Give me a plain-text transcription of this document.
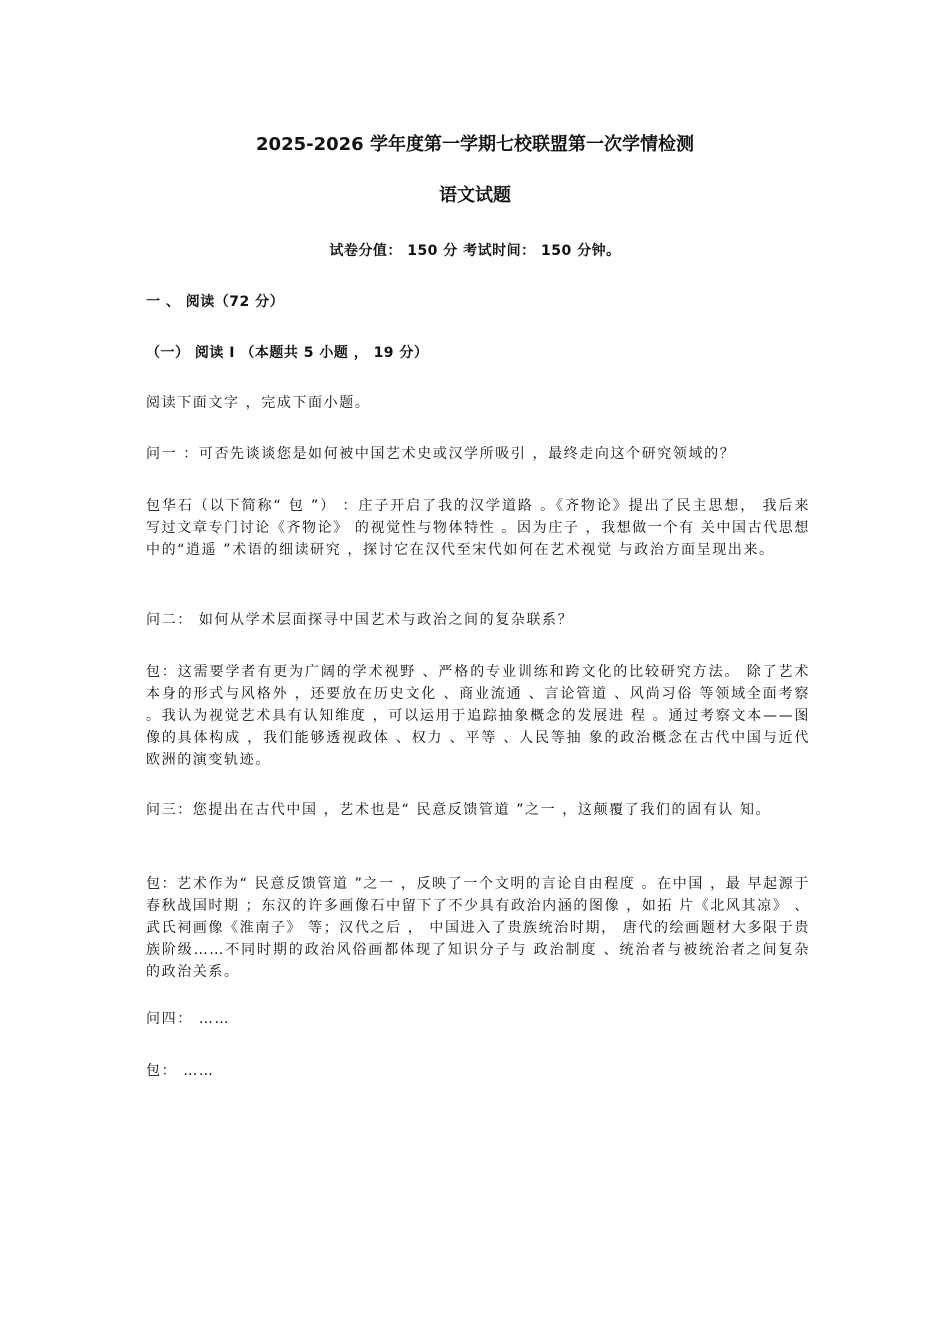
2025-2026 学年度第一学期七校联盟第一次学情检测
语文试题
试卷分值： 150 分 考试时间： 150 分钟。
一 、 阅读（72 分）
（一） 阅读 Ⅰ （本题共 5 小题 ， 19 分）
阅读下面文字 ，完成下面小题。
问一 ：可否先谈谈您是如何被中国艺术史或汉学所吸引 ，最终走向这个研究领域的？
包华石（以下简称“ 包 ”） ：庄子开启了我的汉学道路 。《齐物论》提出了民主思想， 我后来写过文章专门讨论《齐物论》 的视觉性与物体特性 。因为庄子 ，我想做一个有 关中国古代思想中的“逍遥 ”术语的细读研究 ，探讨它在汉代至宋代如何在艺术视觉 与政治方面呈现出来。
问二： 如何从学术层面探寻中国艺术与政治之间的复杂联系？
包：这需要学者有更为广阔的学术视野 、严格的专业训练和跨文化的比较研究方法。 除了艺术本身的形式与风格外 ，还要放在历史文化 、商业流通 、言论管道 、风尚习俗 等领域全面考察 。我认为视觉艺术具有认知维度 ，可以运用于追踪抽象概念的发展进 程 。通过考察文本——图像的具体构成 ，我们能够透视政体 、权力 、平等 、人民等抽 象的政治概念在古代中国与近代欧洲的演变轨迹。
问三：您提出在古代中国 ，艺术也是“ 民意反馈管道 ”之一 ，这颠覆了我们的固有认 知。
包：艺术作为“ 民意反馈管道 ”之一 ，反映了一个文明的言论自由程度 。在中国 ，最 早起源于春秋战国时期 ；东汉的许多画像石中留下了不少具有政治内涵的图像 ，如拓 片《北风其凉》 、武氏祠画像《淮南子》 等；汉代之后 ， 中国进入了贵族统治时期， 唐代的绘画题材大多限于贵族阶级……不同时期的政治风俗画都体现了知识分子与 政治制度 、统治者与被统治者之间复杂的政治关系。
问四： ……
包： ……
